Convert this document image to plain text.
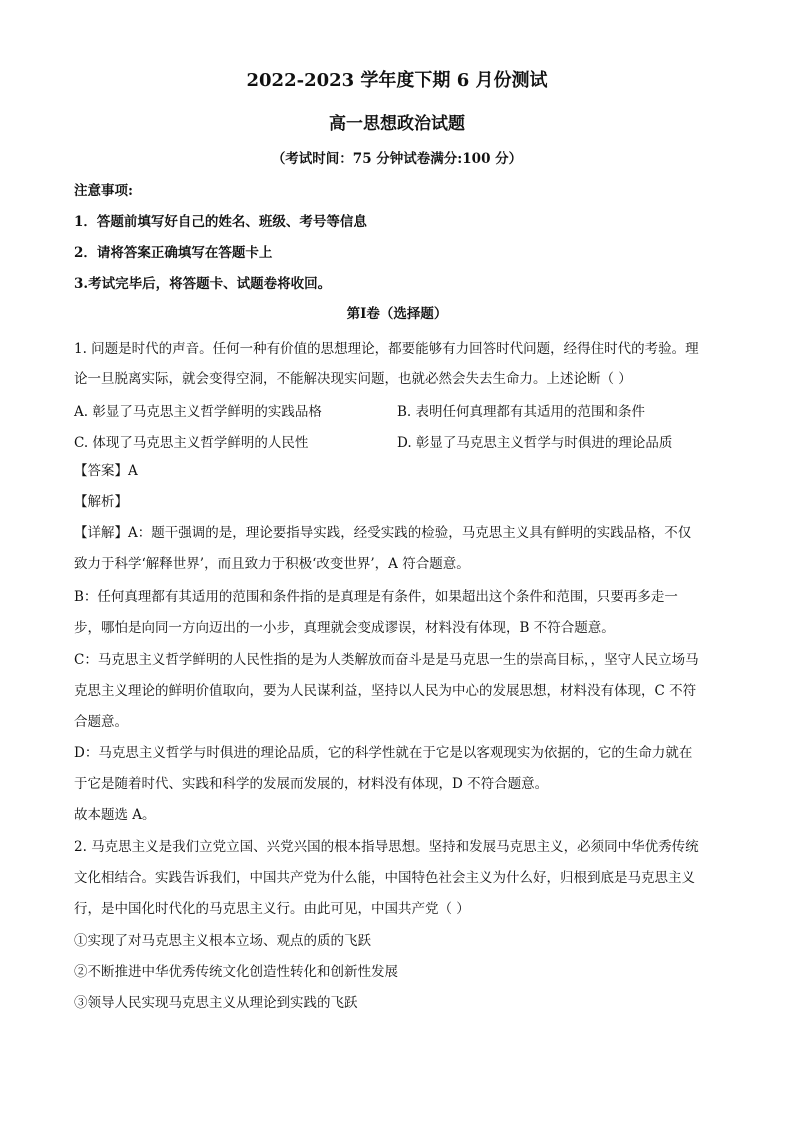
2022-2023 学年度下期 6 月份测试
高一思想政治试题
（考试时间：75 分钟试卷满分:100 分）
注意事项:
1．答题前填写好自己的姓名、班级、考号等信息
2．请将答案正确填写在答题卡上
3.考试完毕后，将答题卡、试题卷将收回。
第Ⅰ卷（选择题）
1. 问题是时代的声音。任何一种有价值的思想理论，都要能够有力回答时代问题，经得住时代的考验。理
论一旦脱离实际，就会变得空洞，不能解决现实问题，也就必然会失去生命力。上述论断（ ）
A. 彰显了马克思主义哲学鲜明的实践品格	B. 表明任何真理都有其适用的范围和条件
C. 体现了马克思主义哲学鲜明的人民性	D. 彰显了马克思主义哲学与时俱进的理论品质
【答案】A
【解析】
【详解】A：题干强调的是，理论要指导实践，经受实践的检验，马克思主义具有鲜明的实践品格，不仅
致力于科学‘解释世界’，而且致力于积极‘改变世界’，A 符合题意。
B：任何真理都有其适用的范围和条件指的是真理是有条件，如果超出这个条件和范围，只要再多走一
步，哪怕是向同一方向迈出的一小步，真理就会变成谬误，材料没有体现，B 不符合题意。
C：马克思主义哲学鲜明的人民性指的是为人类解放而奋斗是是马克思一生的崇高目标，，坚守人民立场马
克思主义理论的鲜明价值取向，要为人民谋利益，坚持以人民为中心的发展思想，材料没有体现，C 不符
合题意。
D：马克思主义哲学与时俱进的理论品质，它的科学性就在于它是以客观现实为依据的，它的生命力就在
于它是随着时代、实践和科学的发展而发展的，材料没有体现，D 不符合题意。
故本题选 A。
2. 马克思主义是我们立党立国、兴党兴国的根本指导思想。坚持和发展马克思主义，必须同中华优秀传统
文化相结合。实践告诉我们，中国共产党为什么能，中国特色社会主义为什么好，归根到底是马克思主义
行，是中国化时代化的马克思主义行。由此可见，中国共产党（ ）
①实现了对马克思主义根本立场、观点的质的飞跃
②不断推进中华优秀传统文化创造性转化和创新性发展
③领导人民实现马克思主义从理论到实践的飞跃
